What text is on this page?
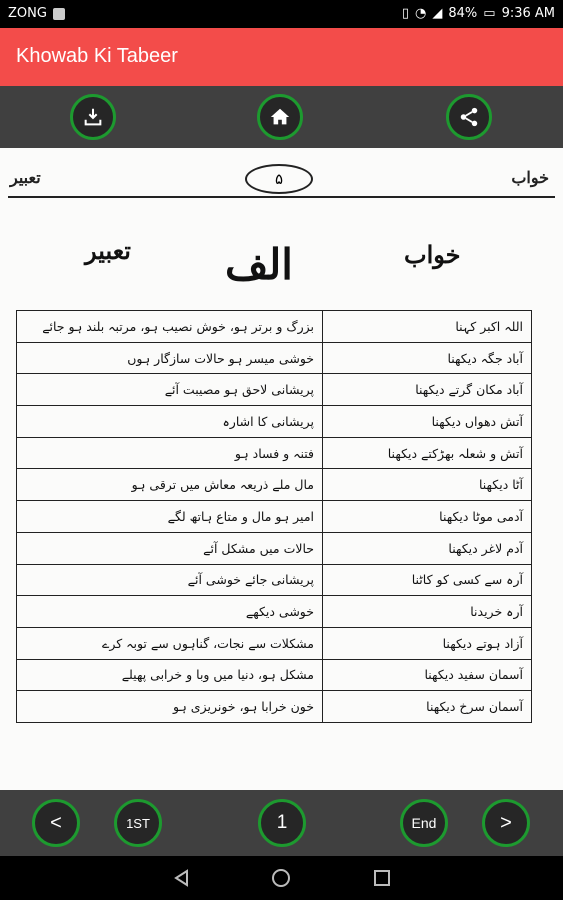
ZONG	▯ ◔ ◢ 84% ▭ 9:36 AM
Khowab Ki Tabeer
تعبیر	۵	خواب
تعبیر الف	خواب
بزرگ و برتر ہو، خوش نصیب ہو، مرتبہ بلند ہو جائے	اللہ اکبر کہنا
خوشی میسر ہو حالات سازگار ہوں	آباد جگہ دیکھنا
پریشانی لاحق ہو مصیبت آئے	آباد مکان گرتے دیکھنا
پریشانی کا اشارہ	آتش دھواں دیکھنا
فتنہ و فساد ہو	آتش و شعلہ بھڑکتے دیکھنا
مال ملے ذریعہ معاش میں ترقی ہو	آٹا دیکھنا
امیر ہو مال و متاع ہاتھ لگے	آدمی موٹا دیکھنا
حالات میں مشکل آئے	آدم لاغر دیکھنا
پریشانی جائے خوشی آئے	آرہ سے کسی کو کاٹنا
خوشی دیکھے	آرہ خریدنا
مشکلات سے نجات، گناہوں سے توبہ کرے	آزاد ہوتے دیکھنا
مشکل ہو، دنیا میں وبا و خرابی پھیلے	آسمان سفید دیکھنا
خون خرابا ہو، خونریزی ہو	آسمان سرخ دیکھنا
<	1ST	1	End	>
